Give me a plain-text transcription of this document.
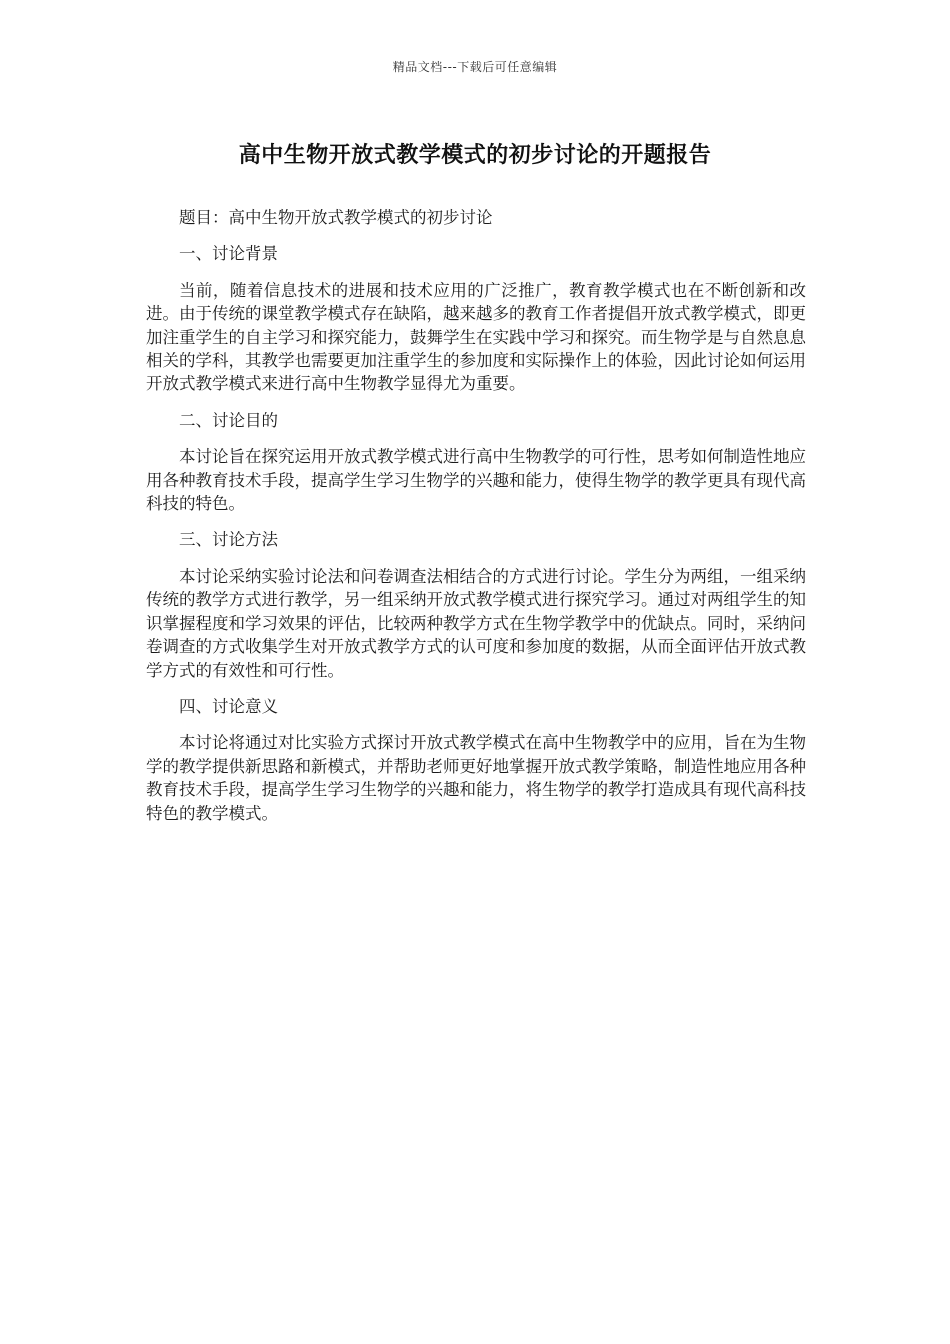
精品文档---下载后可任意编辑
高中生物开放式教学模式的初步讨论的开题报告

题目：高中生物开放式教学模式的初步讨论

一、讨论背景

当前，随着信息技术的进展和技术应用的广泛推广，教育教学模式也在不断创新和改进。由于传统的课堂教学模式存在缺陷，越来越多的教育工作者提倡开放式教学模式，即更加注重学生的自主学习和探究能力，鼓舞学生在实践中学习和探究。而生物学是与自然息息相关的学科，其教学也需要更加注重学生的参加度和实际操作上的体验，因此讨论如何运用开放式教学模式来进行高中生物教学显得尤为重要。

二、讨论目的

本讨论旨在探究运用开放式教学模式进行高中生物教学的可行性，思考如何制造性地应用各种教育技术手段，提高学生学习生物学的兴趣和能力，使得生物学的教学更具有现代高科技的特色。

三、讨论方法

本讨论采纳实验讨论法和问卷调查法相结合的方式进行讨论。学生分为两组，一组采纳传统的教学方式进行教学，另一组采纳开放式教学模式进行探究学习。通过对两组学生的知识掌握程度和学习效果的评估，比较两种教学方式在生物学教学中的优缺点。同时，采纳问卷调查的方式收集学生对开放式教学方式的认可度和参加度的数据，从而全面评估开放式教学方式的有效性和可行性。

四、讨论意义

本讨论将通过对比实验方式探讨开放式教学模式在高中生物教学中的应用，旨在为生物学的教学提供新思路和新模式，并帮助老师更好地掌握开放式教学策略，制造性地应用各种教育技术手段，提高学生学习生物学的兴趣和能力，将生物学的教学打造成具有现代高科技特色的教学模式。
